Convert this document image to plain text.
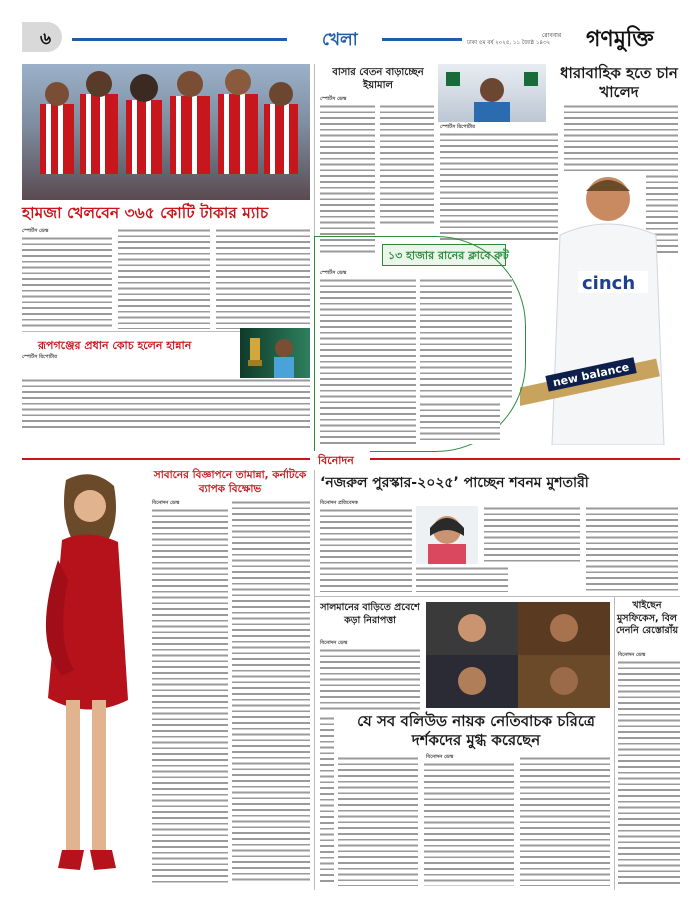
৬	খেলা	ঢাকা ৫ম বর্ষ ২০২৫, ১১ জ্যৈষ্ঠ ১৪৩২
রোববার গণমুক্তি
হামজা খেলবেন ৩৬৫ কোটি টাকার ম্যাচ
স্পোর্টস ডেস্ক
রূপগঞ্জের প্রধান কোচ হলেন হান্নান
স্পোর্টস রিপোর্টার
বাসার বেতন বাড়াচ্ছেন ইয়ামাল
স্পোর্টস ডেস্ক
স্পোর্টস রিপোর্টার
ধারাবাহিক হতে চান খালেদ
cinch
new balance
১৩ হাজার রানের ক্লাবে রুট
স্পোর্টস ডেস্ক
বিনোদন
সাবানের বিজ্ঞাপনে তামান্না, কর্নাটকে ব্যাপক বিক্ষোভ
বিনোদন ডেস্ক
‘নজরুল পুরস্কার-২০২৫’ পাচ্ছেন শবনম মুশতারী
বিনোদন প্রতিবেদক
সালমানের বাড়িতে প্রবেশে কড়া নিরাপত্তা
বিনোদন ডেস্ক
যে সব বলিউড নায়ক নেতিবাচক চরিত্রে দর্শকদের মুগ্ধ করেছেন
বিনোদন ডেস্ক
খাইছেন মুসফিকেস, বিল দেননি রেস্তোরাঁয়
বিনোদন ডেস্ক
